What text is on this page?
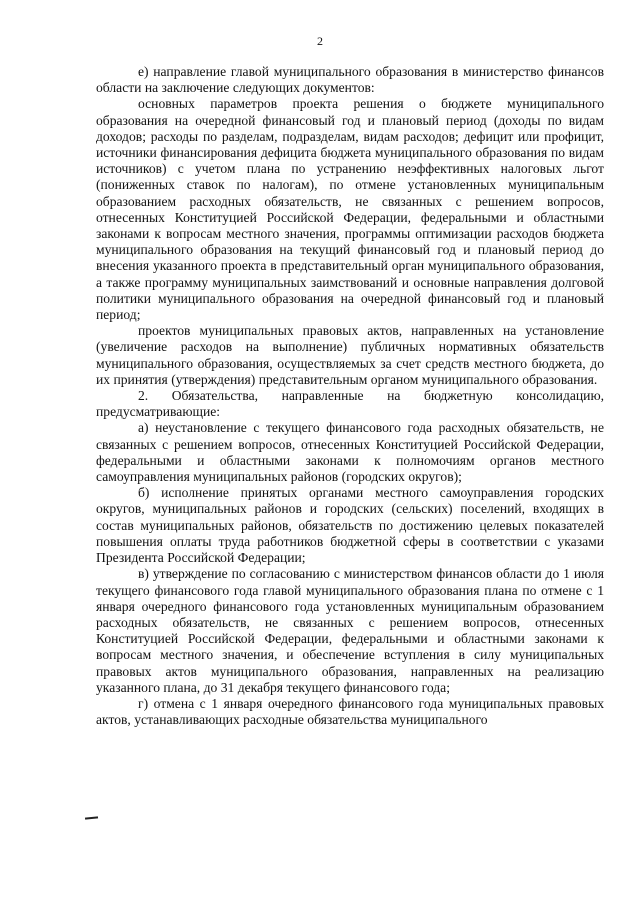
2

е) направление главой муниципального образования в министерство финансов области на заключение следующих документов:

основных параметров проекта решения о бюджете муниципального образования на очередной финансовый год и плановый период (доходы по видам доходов; расходы по разделам, подразделам, видам расходов; дефицит или профицит, источники финансирования дефицита бюджета муниципального образования по видам источников) с учетом плана по устранению неэффективных налоговых льгот (пониженных ставок по налогам), по отмене установленных муниципальным образованием расходных обязательств, не связанных с решением вопросов, отнесенных Конституцией Российской Федерации, федеральными и областными законами к вопросам местного значения, программы оптимизации расходов бюджета муниципального образования на текущий финансовый год и плановый период до внесения указанного проекта в представительный орган муниципального образования, а также программу муниципальных заимствований и основные направления долговой политики муниципального образования на очередной финансовый год и плановый период;

проектов муниципальных правовых актов, направленных на установление (увеличение расходов на выполнение) публичных нормативных обязательств муниципального образования, осуществляемых за счет средств местного бюджета, до их принятия (утверждения) представительным органом муниципального образования.

2. Обязательства, направленные на бюджетную консолидацию, предусматривающие:

а) неустановление с текущего финансового года расходных обязательств, не связанных с решением вопросов, отнесенных Конституцией Российской Федерации, федеральными и областными законами к полномочиям органов местного самоуправления муниципальных районов (городских округов);

б) исполнение принятых органами местного самоуправления городских округов, муниципальных районов и городских (сельских) поселений, входящих в состав муниципальных районов, обязательств по достижению целевых показателей повышения оплаты труда работников бюджетной сферы в соответствии с указами Президента Российской Федерации;

в) утверждение по согласованию с министерством финансов области до 1 июля текущего финансового года главой муниципального образования плана по отмене с 1 января очередного финансового года установленных муниципальным образованием расходных обязательств, не связанных с решением вопросов, отнесенных Конституцией Российской Федерации, федеральными и областными законами к вопросам местного значения, и обеспечение вступления в силу муниципальных правовых актов муниципального образования, направленных на реализацию указанного плана, до 31 декабря текущего финансового года;

г) отмена с 1 января очередного финансового года муниципальных правовых актов, устанавливающих расходные обязательства муниципального
